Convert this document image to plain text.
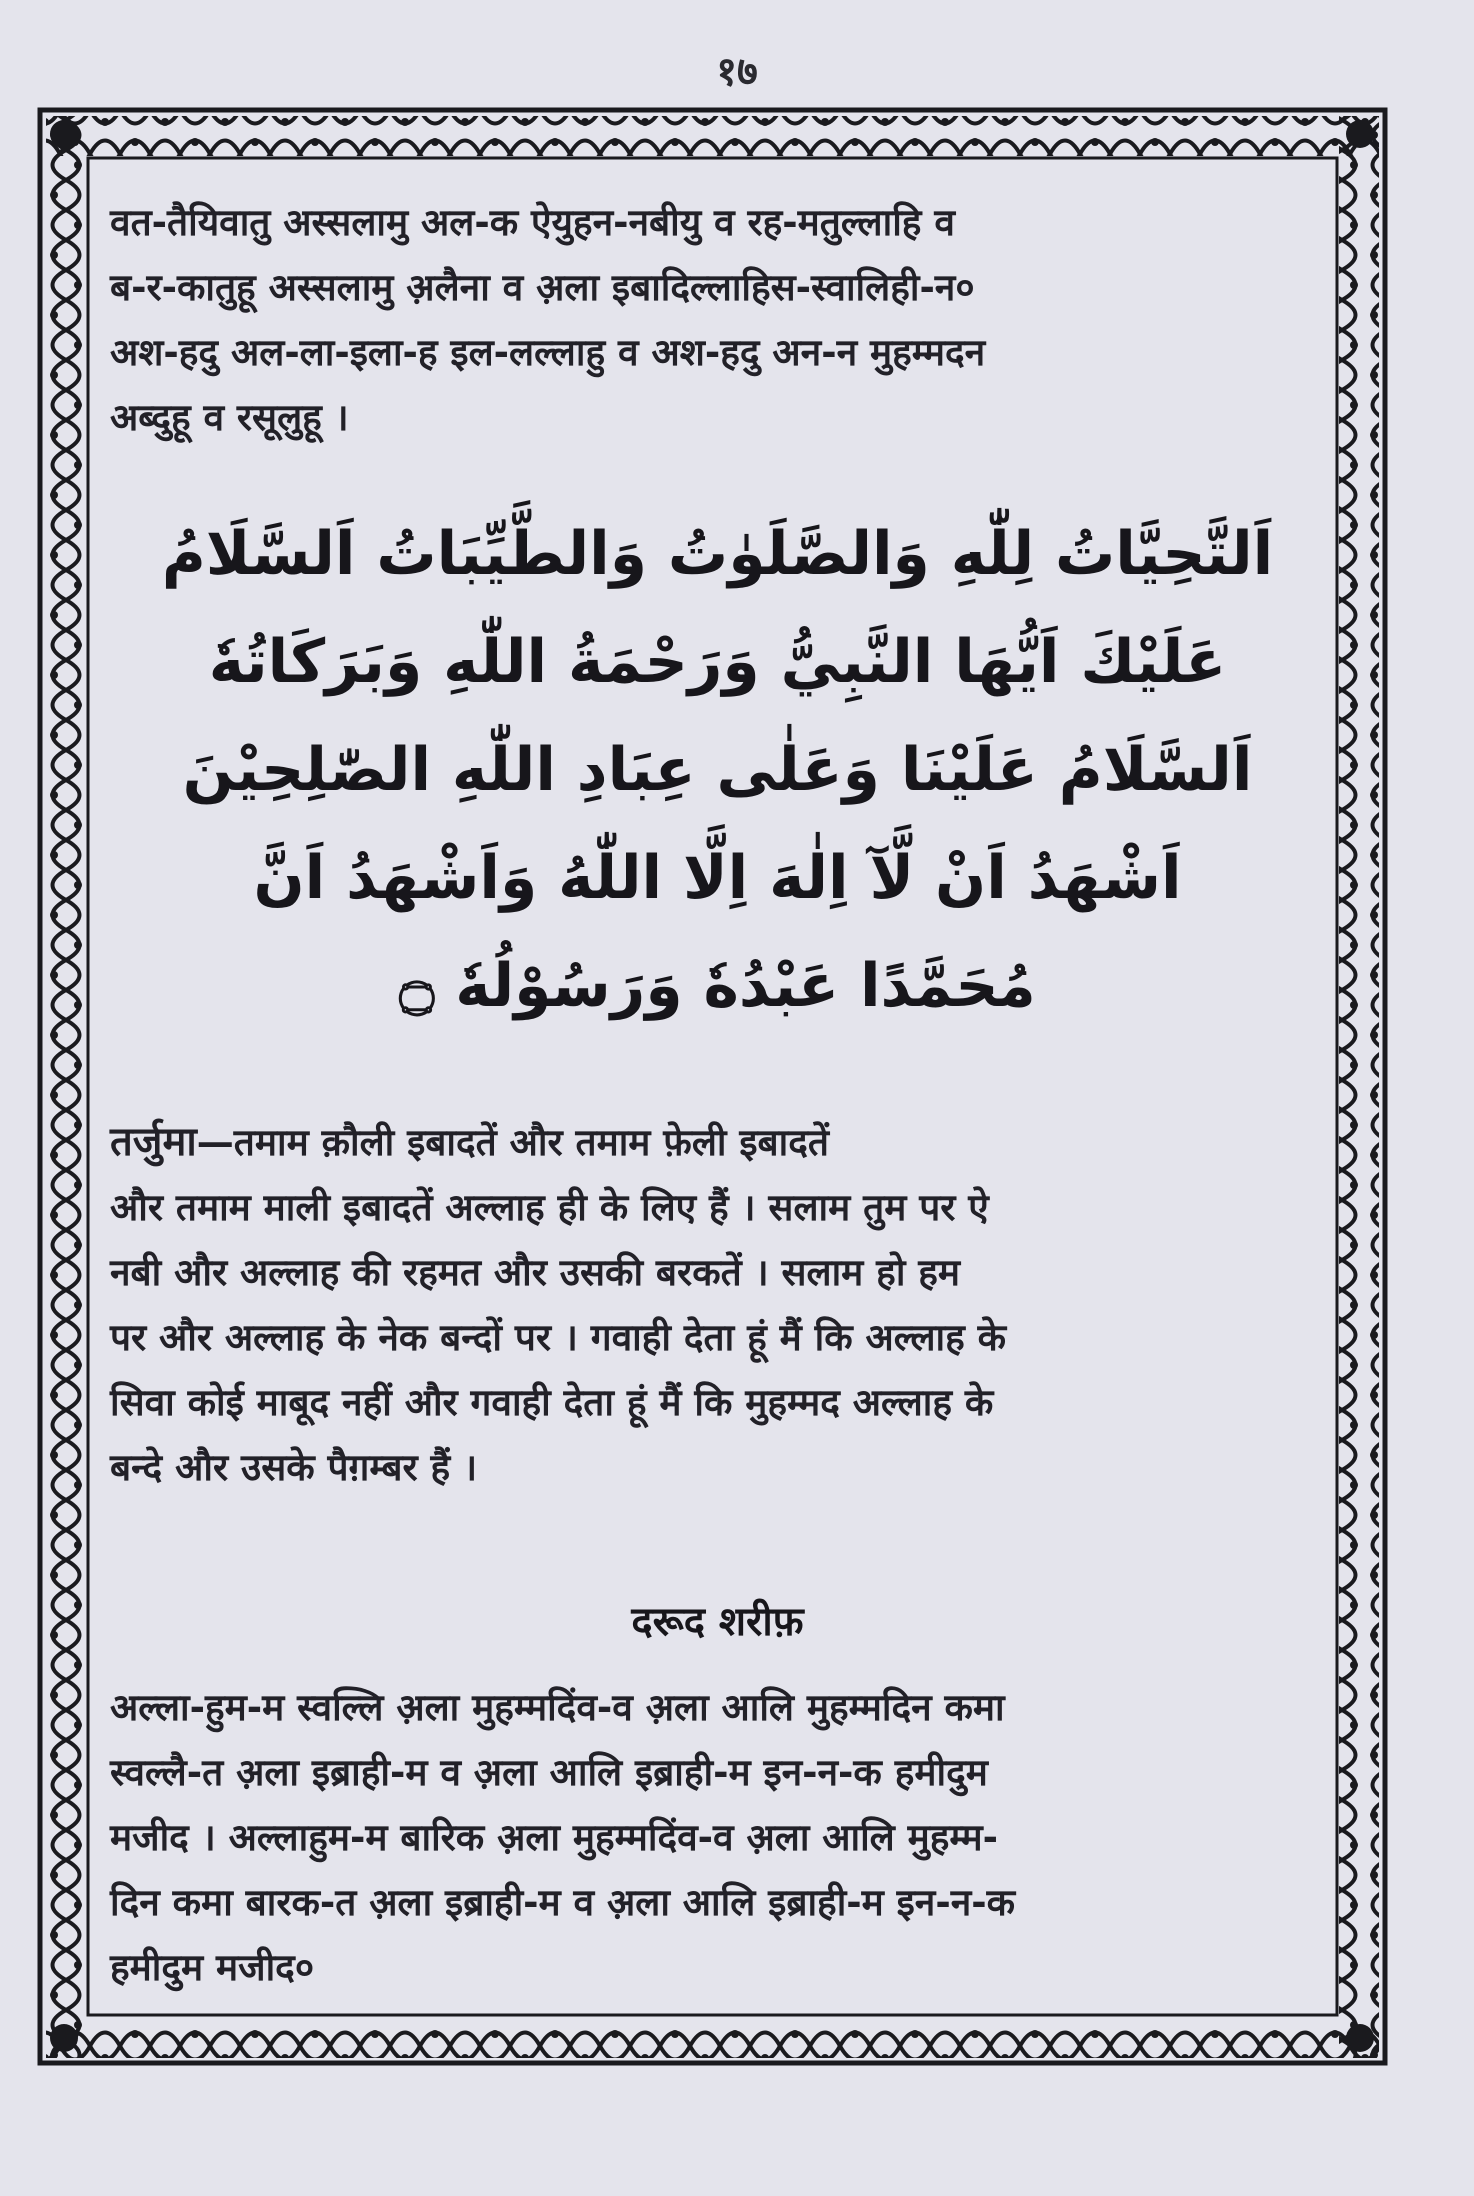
१७

वत-तैयिवातु अस्सलामु अल-क ऐयुहन-नबीयु व रह-मतुल्लाहि व

ब-र-कातुहू अस्सलामु अ़लैना व अ़ला इबादिल्लाहिस-स्वालिही-न०

अश-हदु अल-ला-इला-ह इल-लल्लाहु व अश-हदु अन-न मुहम्मदन

अब्दुहू व रसूलुहू ।

اَلتَّحِيَّاتُ لِلّٰهِ وَالصَّلَوٰتُ وَالطَّيِّبَاتُ اَلسَّلَامُ

عَلَيْكَ اَيُّهَا النَّبِيُّ وَرَحْمَةُ اللّٰهِ وَبَرَكَاتُهٗ

اَلسَّلَامُ عَلَيْنَا وَعَلٰى عِبَادِ اللّٰهِ الصّٰلِحِيْنَ

اَشْهَدُ اَنْ لَّآ اِلٰهَ اِلَّا اللّٰهُ وَاَشْهَدُ اَنَّ

مُحَمَّدًا عَبْدُهٗ وَرَسُوْلُهٗ ۝

तर्जुमा—तमाम क़ौली इबादतें और तमाम फ़ेली इबादतें

और तमाम माली इबादतें अल्लाह ही के लिए हैं । सलाम तुम पर ऐ

नबी और अल्लाह की रहमत और उसकी बरकतें । सलाम हो हम

पर और अल्लाह के नेक बन्दों पर । गवाही देता हूं मैं कि अल्लाह के

सिवा कोई माबूद नहीं और गवाही देता हूं मैं कि मुहम्मद अल्लाह के

बन्दे और उसके पैग़म्बर हैं ।

दरूद शरीफ़

अल्ला-हुम-म स्वल्लि अ़ला मुहम्मदिंव-व अ़ला आलि मुहम्मदिन कमा

स्वल्लै-त अ़ला इब्राही-म व अ़ला आलि इब्राही-म इन-न-क हमीदुम

मजीद । अल्लाहुम-म बारिक अ़ला मुहम्मदिंव-व अ़ला आलि मुहम्म-

दिन कमा बारक-त अ़ला इब्राही-म व अ़ला आलि इब्राही-म इन-न-क

हमीदुम मजीद०
